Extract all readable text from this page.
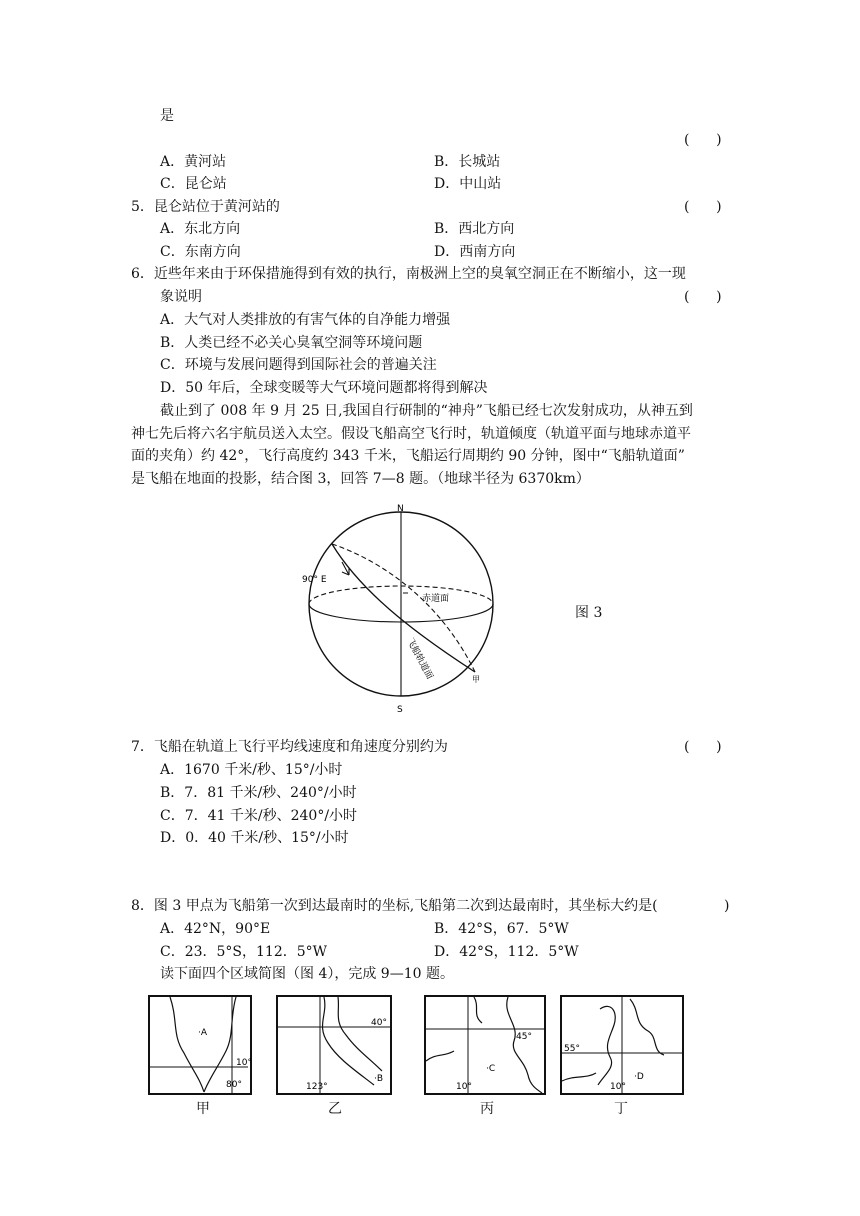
是
(      )
A．黄河站	B．长城站
C．昆仑站	D．中山站
5．昆仑站位于黄河站的	(      )
A．东北方向	B．西北方向
C．东南方向	D．西南方向
6．近些年来由于环保措施得到有效的执行，南极洲上空的臭氧空洞正在不断缩小，这一现
象说明	(      )
A．大气对人类排放的有害气体的自净能力增强
B．人类已经不必关心臭氧空洞等环境问题
C．环境与发展问题得到国际社会的普遍关注
D．50 年后，全球变暖等大气环境问题都将得到解决
截止到了 008 年 9 月 25 日,我国自行研制的“神舟”飞船已经七次发射成功，从神五到
神七先后将六名宇航员送入太空。假设飞船高空飞行时，轨道倾度（轨道平面与地球赤道平
面的夹角）约 42°，飞行高度约 343 千米，飞船运行周期约 90 分钟，图中“飞船轨道面”
是飞船在地面的投影，结合图 3，回答 7—8 题。（地球半径为 6370km）
N
S
90° E
赤道面
飞船轨道面	甲
图 3
7．飞船在轨道上飞行平均线速度和角速度分别约为	(      )
A．1670 千米/秒、15°/小时
B．7．81 千米/秒、240°/小时
C．7．41 千米/秒、240°/小时
D．0．40 千米/秒、15°/小时
8．图 3 甲点为飞船第一次到达最南时的坐标,飞船第二次到达最南时，其坐标大约是(	)
A．42°N，90°E	B．42°S，67．5°W
C．23．5°S，112．5°W	D．42°S，112．5°W
读下面四个区域简图（图 4），完成 9—10 题。
·A
80°
10°
甲
·B
123°
40°
乙
·C
10°
45°
丙
·D
10°
55°
丁
